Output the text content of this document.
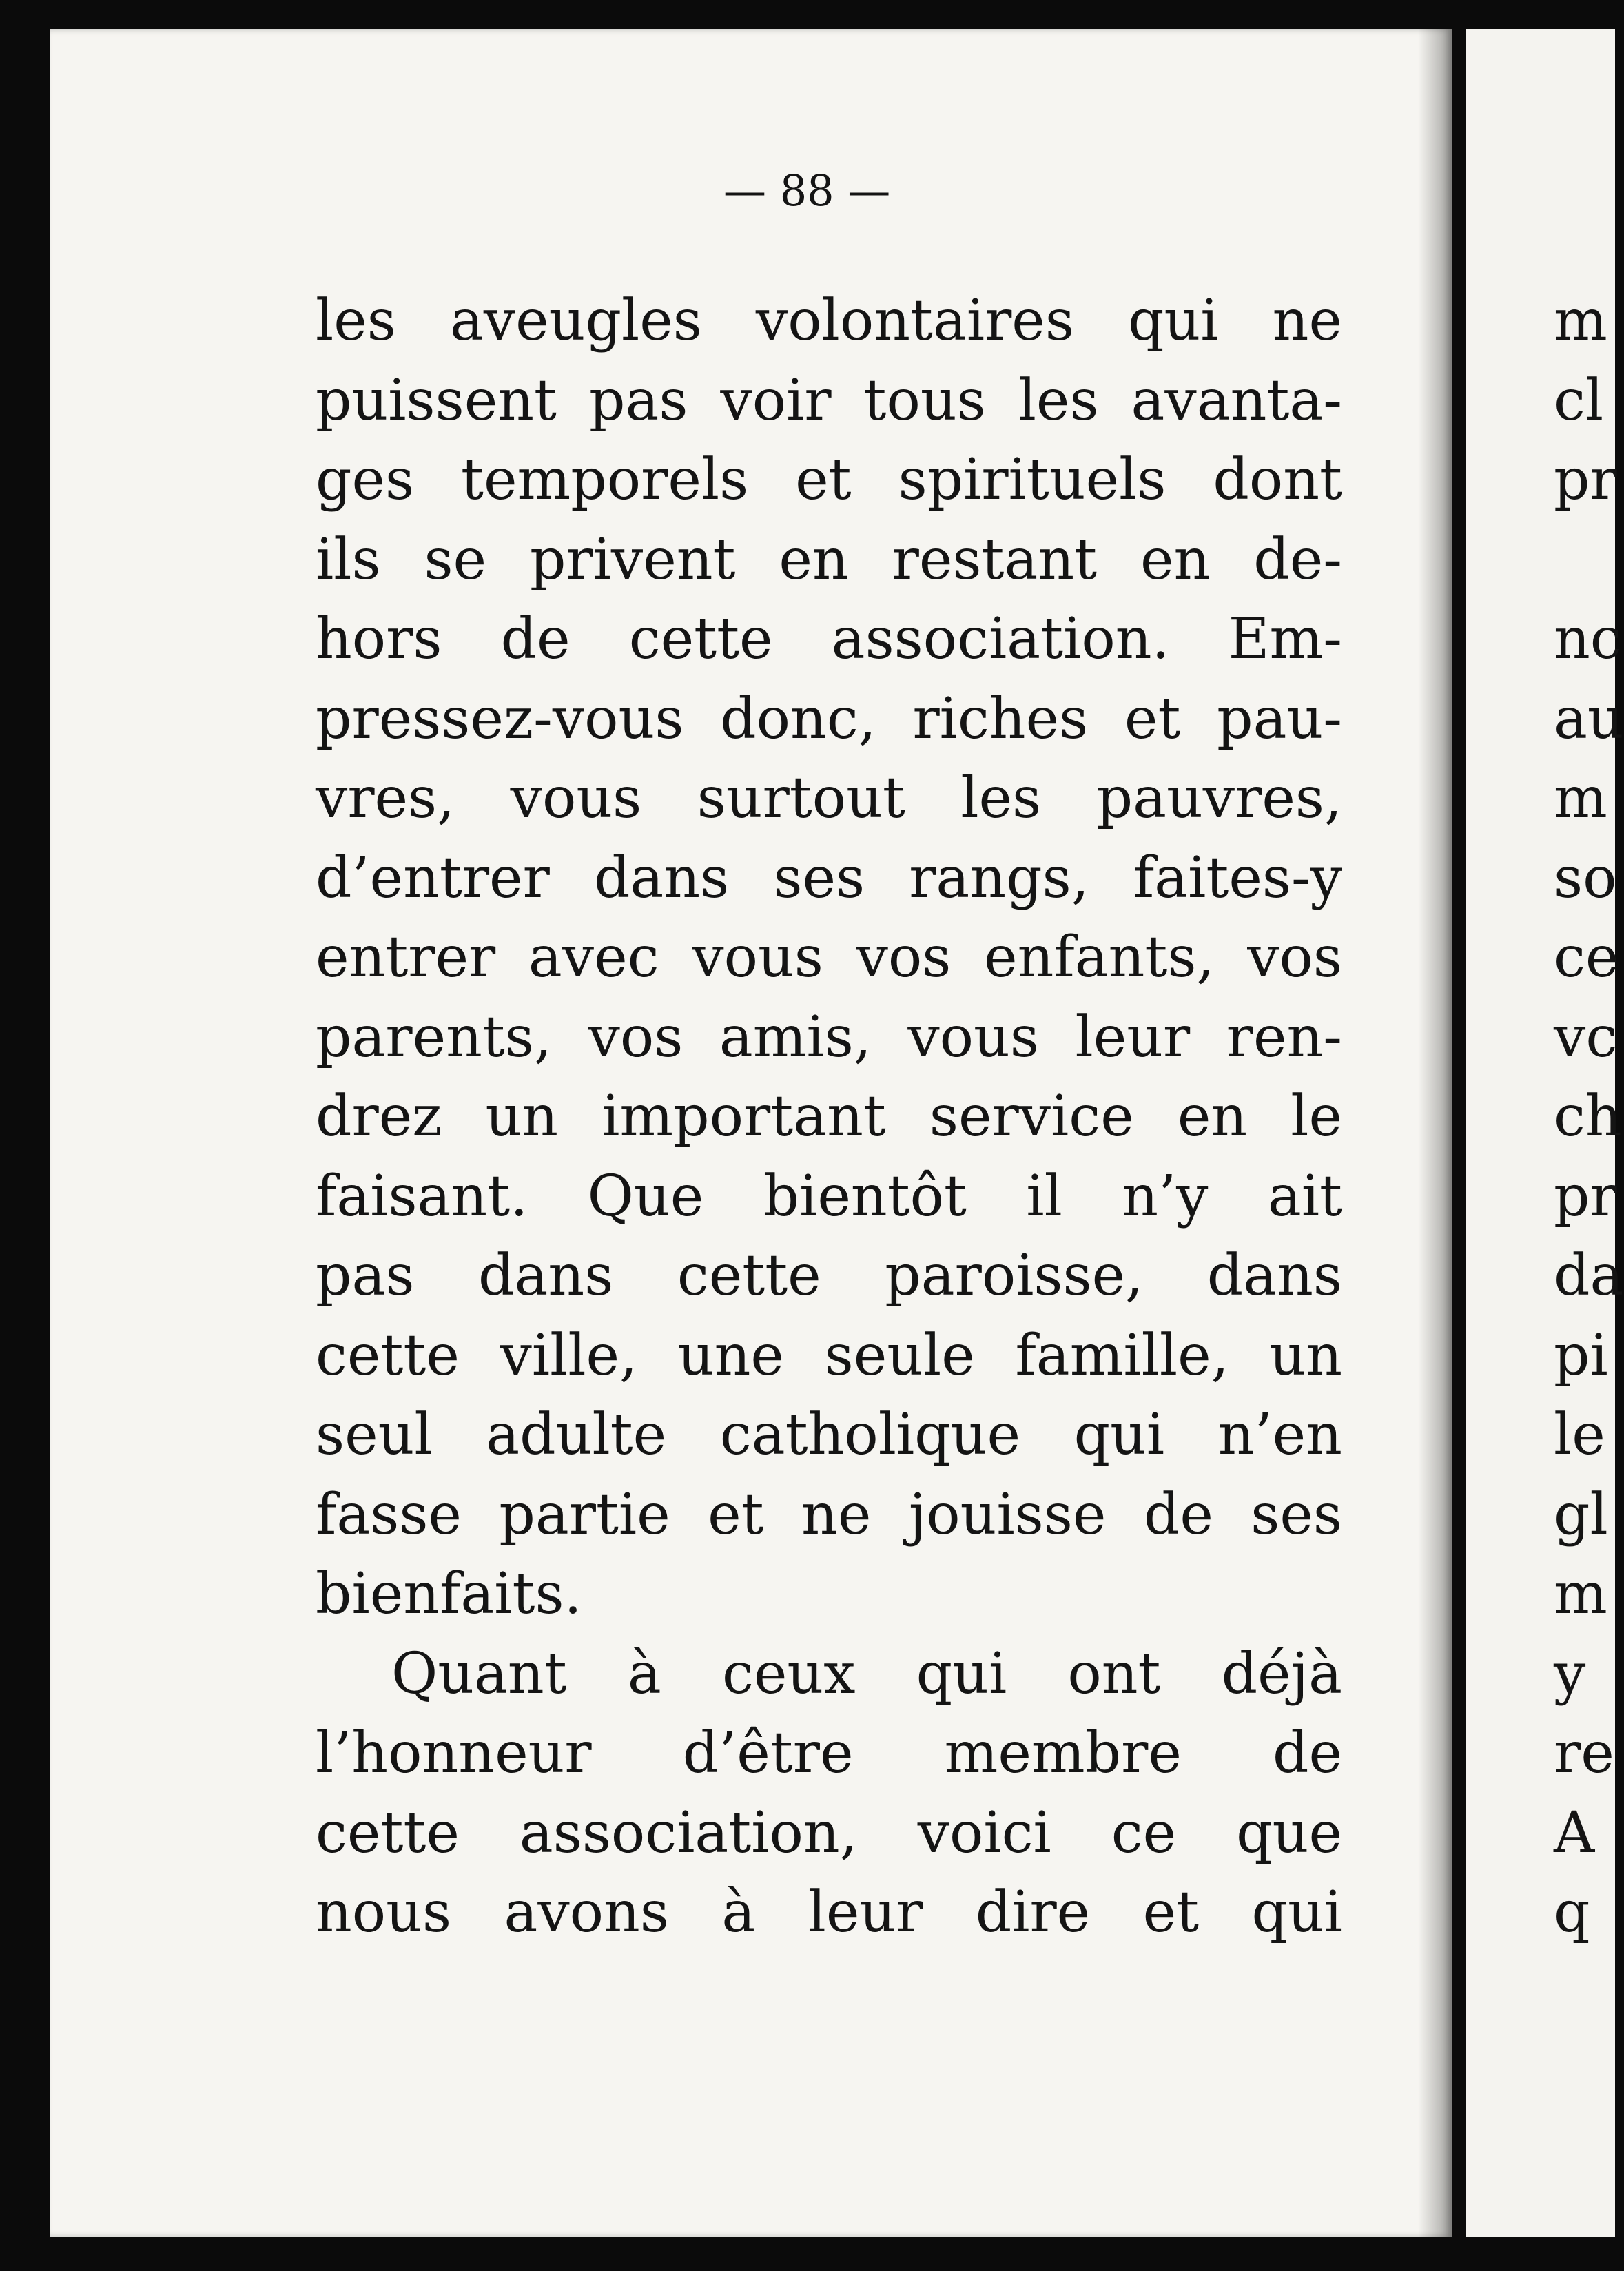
— 88 —
les aveugles volontaires qui ne
puissent pas voir tous les avanta-
ges temporels et spirituels dont
ils se privent en restant en de-
hors de cette association. Em-
pressez-vous donc, riches et pau-
vres, vous surtout les pauvres,
d’entrer dans ses rangs, faites-y
entrer avec vous vos enfants, vos
parents, vos amis, vous leur ren-
drez un important service en le
faisant. Que bientôt il n’y ait
pas dans cette paroisse, dans
cette ville, une seule famille, un
seul adulte catholique qui n’en
fasse partie et ne jouisse de ses
bienfaits.
Quant à ceux qui ont déjà
l’honneur d’être membre de
cette association, voici ce que
nous avons à leur dire et qui
m
cl
pr
nc
au
m
so
ce
vc
ch
pr
da
pi
le
gl
m
y
re
A
q
